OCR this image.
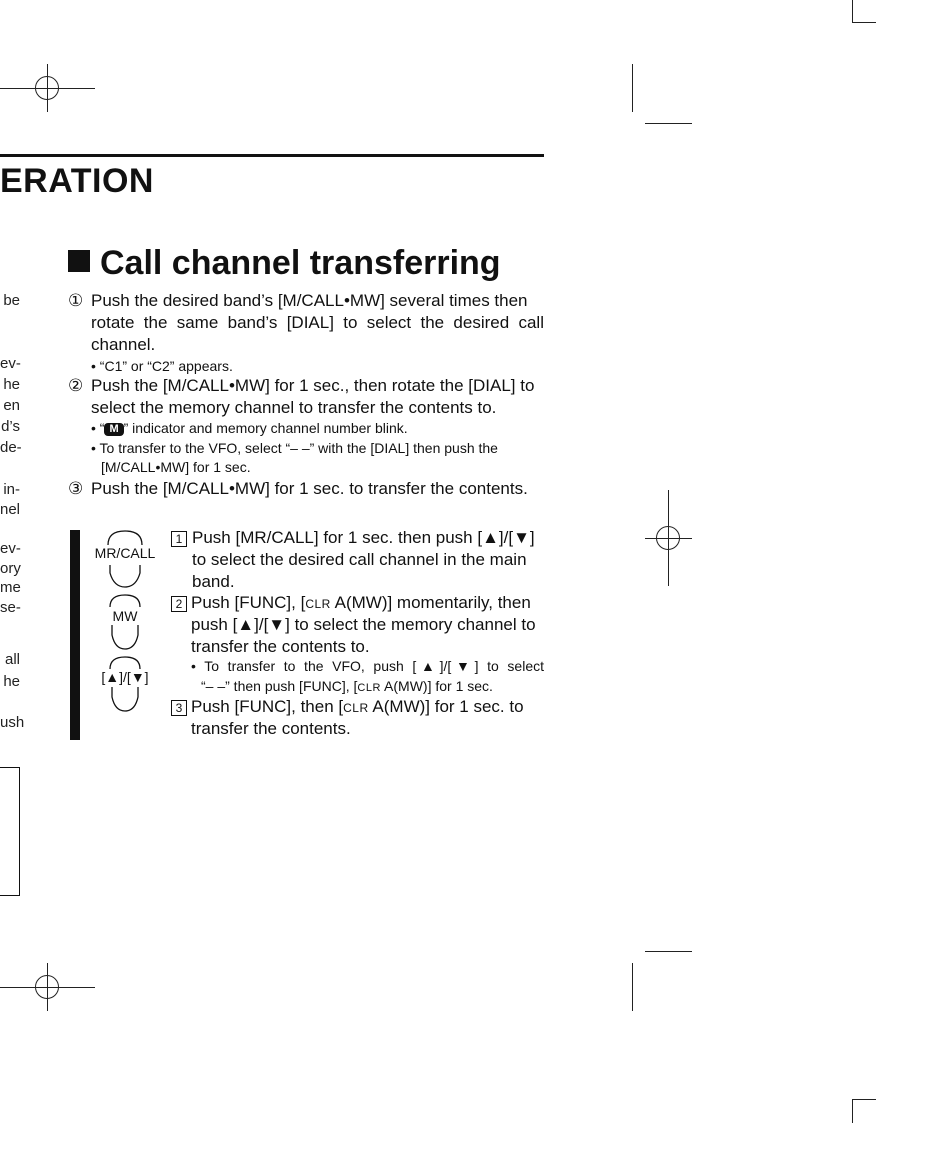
ERATION
be
ev-
he
en
d’s
de-
in-
nel
ev-
ory
me
se-
all
he
ush
Call channel transferring
① Push the desired band’s [M/CALL•MW] several times then
rotate the same band’s [DIAL] to select the desired call
channel.
• “C1” or “C2” appears.
② Push the [M/CALL•MW] for 1 sec., then rotate the [DIAL] to
select the memory channel to transfer the contents to.
• “ M ” indicator and memory channel number blink.
• To transfer to the VFO, select “– –” with the [DIAL] then push the
[M/CALL•MW] for 1 sec.
③ Push the [M/CALL•MW] for 1 sec. to transfer the contents.
MR/CALL
MW
[▲]/[▼]
1 Push [MR/CALL] for 1 sec. then push [▲]/[▼]
to select the desired call channel in the main
band.
2 Push [FUNC], [CLR A(MW)] momentarily, then
push [▲]/[▼] to select the memory channel to
transfer the contents to.
• To transfer to the VFO, push [▲]/[▼] to select
“– –” then push [FUNC], [CLR A(MW)] for 1 sec.
3 Push [FUNC], then [CLR A(MW)] for 1 sec. to
transfer the contents.
